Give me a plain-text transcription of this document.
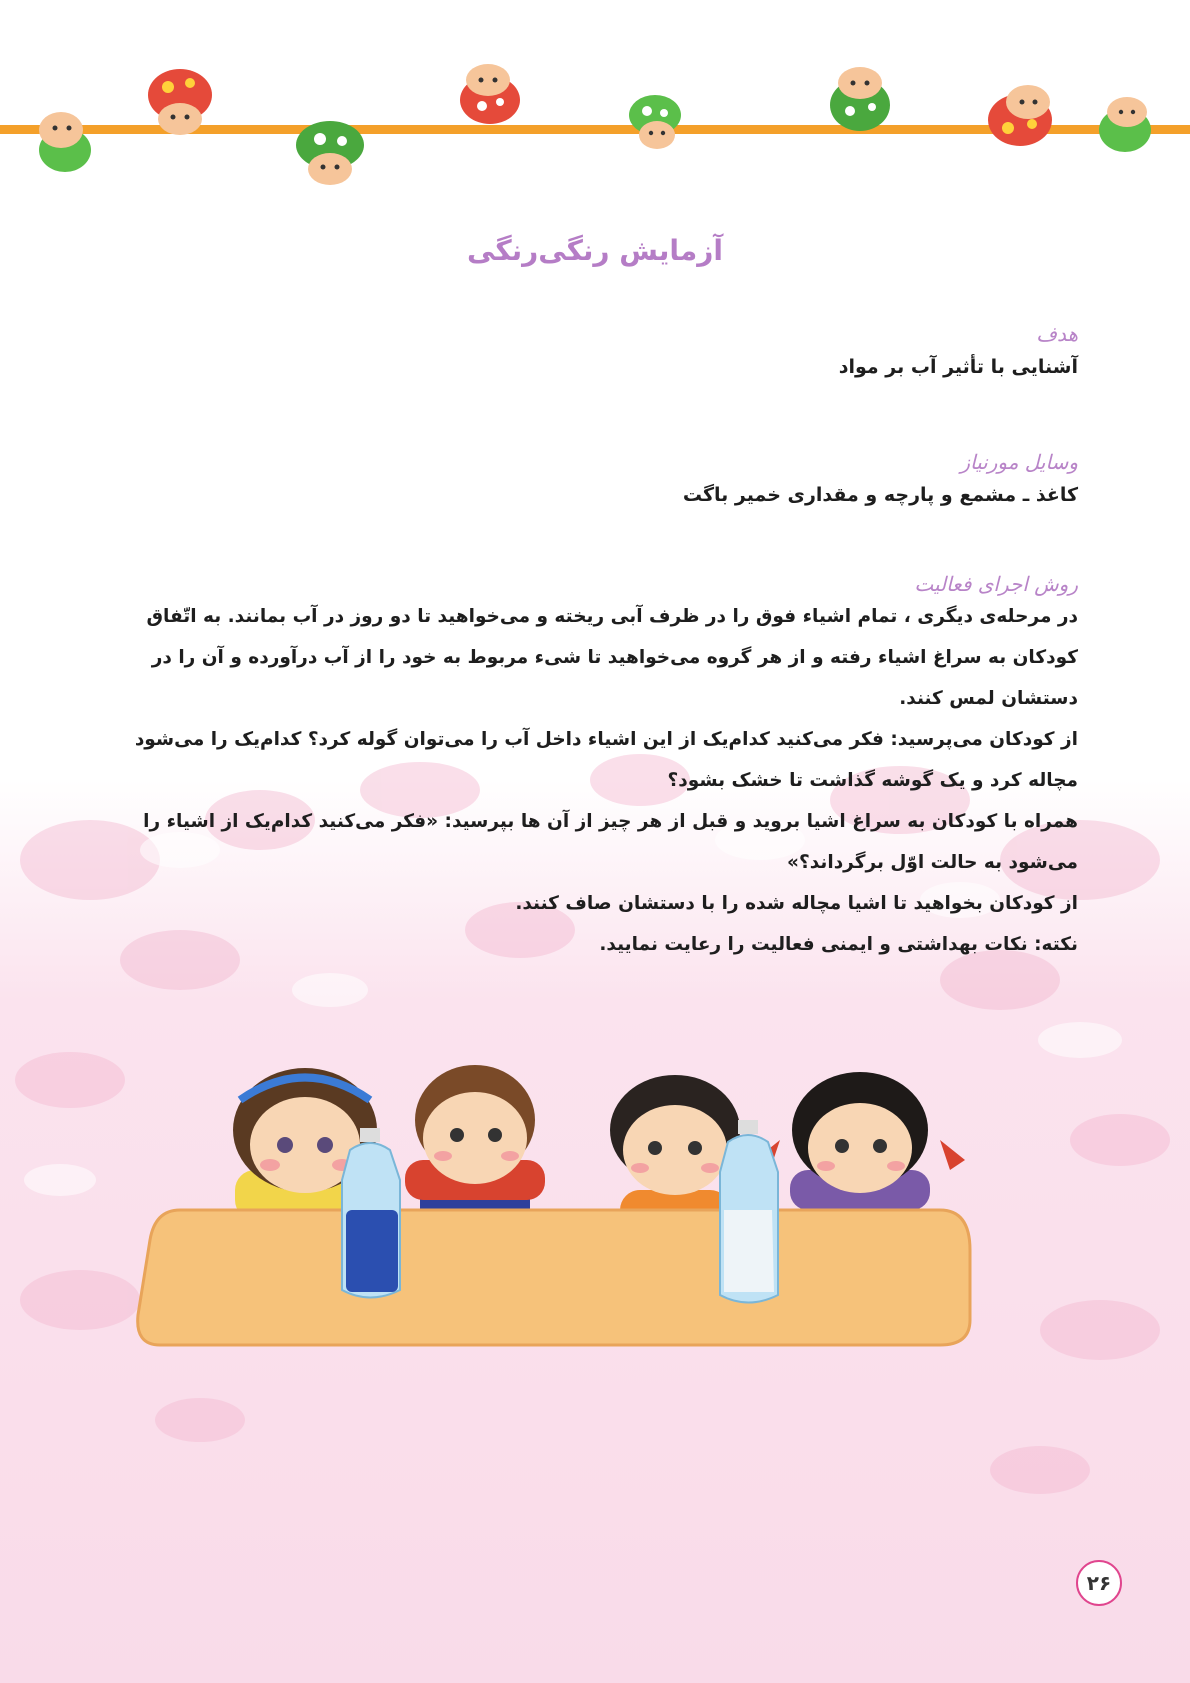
آزمایش رنگی‌رنگی
هدف
آشنایی با تأثیر آب بر مواد
وسایل مورنیاز
کاغذ ـ مشمع و پارچه و مقداری خمیر باگت
روش اجرای فعالیت

در مرحله‌ی دیگری ، تمام اشیاء فوق را در ظرف آبی ریخته و می‌خواهید تا دو روز در آب بمانند. به اتّفاق کودکان به سراغ اشیاء رفته و از هر گروه می‌خواهید تا شیء مربوط به خود را از آب درآورده و آن را در دستشان لمس کنند.

از کودکان می‌پرسید: فکر می‌کنید کدام‌یک از این اشیاء داخل آب را می‌توان گوله کرد؟ کدام‌یک را می‌شود مچاله کرد و یک گوشه گذاشت تا خشک بشود؟

همراه با کودکان به سراغ اشیا بروید و قبل از هر چیز از آن ها بپرسید: «فکر می‌کنید کدام‌یک از اشیاء را می‌شود به حالت اوّل برگرداند؟»

از کودکان بخواهید تا اشیا مچاله شده را با دستشان صاف کنند.

نکته: نکات بهداشتی و ایمنی فعالیت را رعایت نمایید.

۲۶
